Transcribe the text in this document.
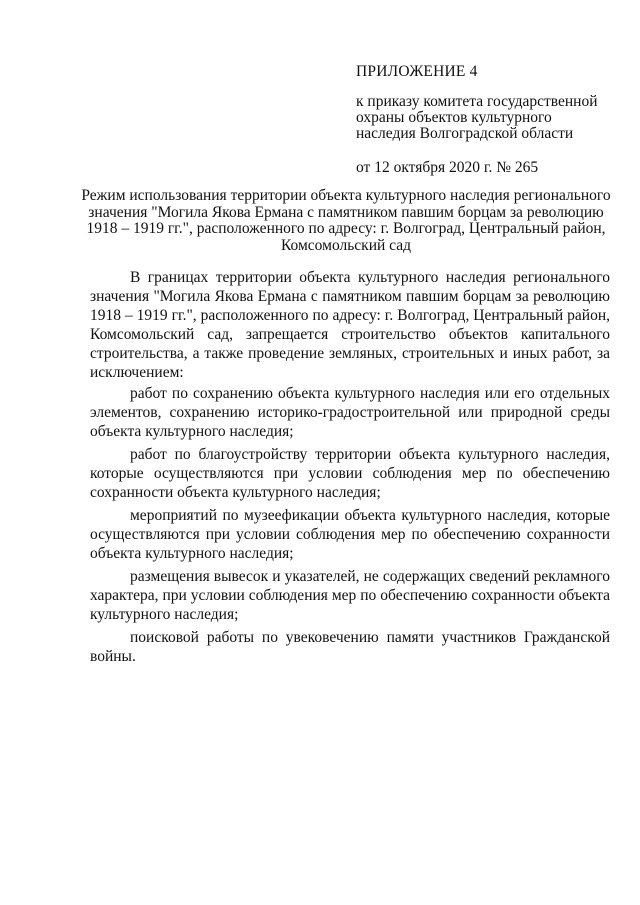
ПРИЛОЖЕНИЕ 4

к приказу комитета государственной
охраны объектов культурного
наследия Волгоградской области

от 12 октября 2020 г. № 265

Режим использования территории объекта культурного наследия регионального
значения "Могила Якова Ермана с памятником павшим борцам за революцию
1918 – 1919 гг.", расположенного по адресу: г. Волгоград, Центральный район,
Комсомольский сад

В границах территории объекта культурного наследия регионального значения "Могила Якова Ермана с памятником павшим борцам за революцию 1918 – 1919 гг.", расположенного по адресу: г. Волгоград, Центральный район, Комсомольский сад, запрещается строительство объектов капитального строительства, а также проведение земляных, строительных и иных работ, за исключением:

работ по сохранению объекта культурного наследия или его отдельных элементов, сохранению историко-градостроительной или природной среды объекта культурного наследия;

работ по благоустройству территории объекта культурного наследия, которые осуществляются при условии соблюдения мер по обеспечению сохранности объекта культурного наследия;

мероприятий по музеефикации объекта культурного наследия, которые осуществляются при условии соблюдения мер по обеспечению сохранности объекта культурного наследия;

размещения вывесок и указателей, не содержащих сведений рекламного характера, при условии соблюдения мер по обеспечению сохранности объекта культурного наследия;

поисковой работы по увековечению памяти участников Гражданской войны.
